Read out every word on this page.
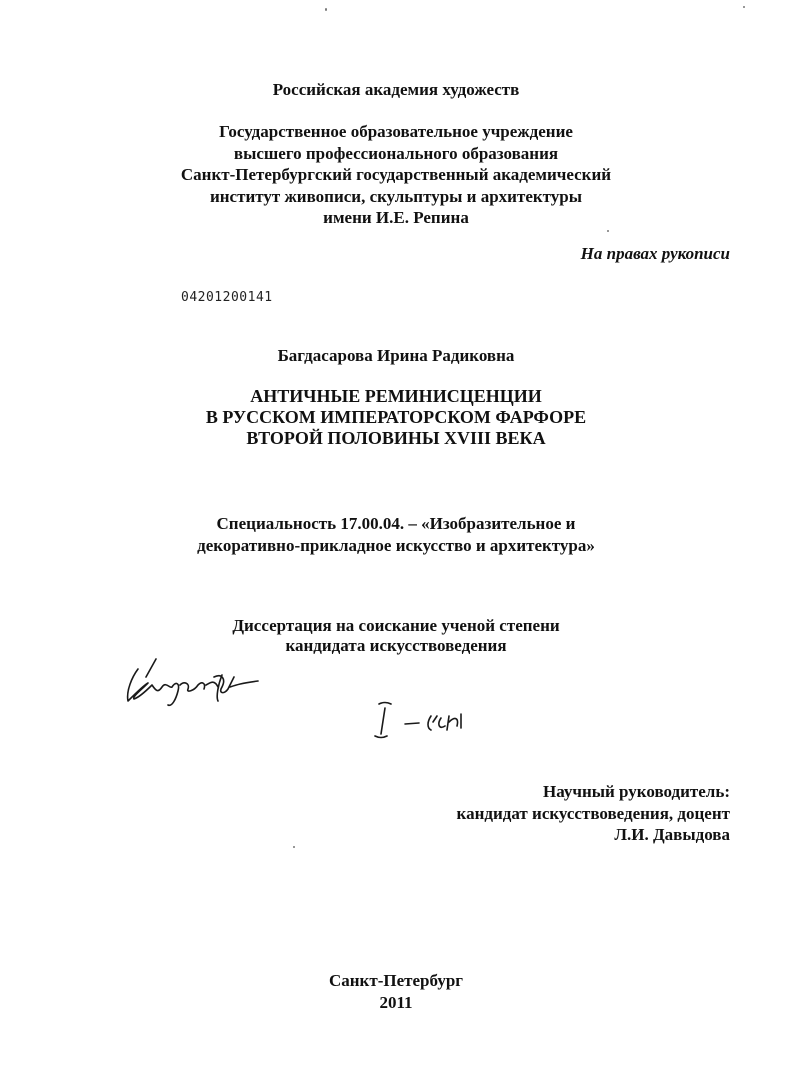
Российская академия художеств
Государственное образовательное учреждение
высшего профессионального образования
Санкт-Петербургский государственный академический
институт живописи, скульптуры и архитектуры
имени И.Е. Репина
На правах рукописи
04201200141
Багдасарова Ирина Радиковна
АНТИЧНЫЕ РЕМИНИСЦЕНЦИИ
В РУССКОМ ИМПЕРАТОРСКОМ ФАРФОРЕ
ВТОРОЙ ПОЛОВИНЫ XVIII ВЕКА
Специальность 17.00.04. – «Изобразительное и
декоративно-прикладное искусство и архитектура»
Диссертация на соискание ученой степени
кандидата искусствоведения
Научный руководитель:
кандидат искусствоведения, доцент
Л.И. Давыдова
Санкт-Петербург
2011
